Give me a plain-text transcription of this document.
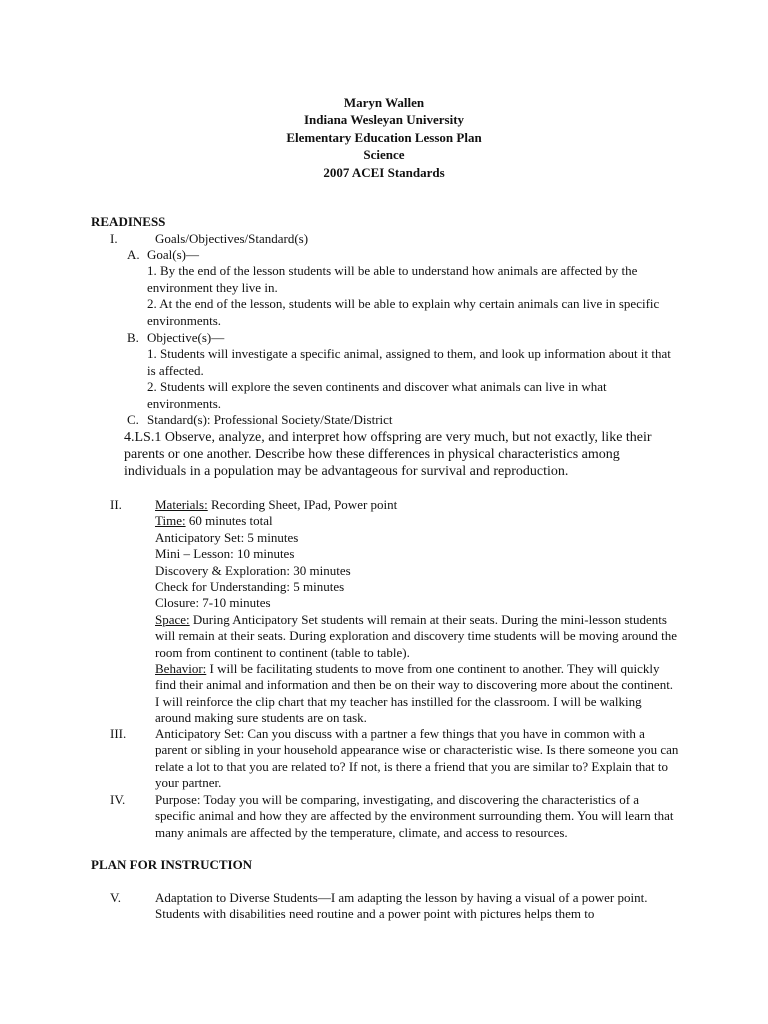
Maryn Wallen
Indiana Wesleyan University
Elementary Education Lesson Plan
Science
2007 ACEI Standards
READINESS
I.	Goals/Objectives/Standard(s)
A. Goal(s)—
1. By the end of the lesson students will be able to understand how animals are affected by the environment they live in.
2. At the end of the lesson, students will be able to explain why certain animals can live in specific environments.
B. Objective(s)—
1. Students will investigate a specific animal, assigned to them, and look up information about it that is affected.
2. Students will explore the seven continents and discover what animals can live in what environments.
C. Standard(s): Professional Society/State/District
4.LS.1 Observe, analyze, and interpret how offspring are very much, but not exactly, like their parents or one another. Describe how these differences in physical characteristics among individuals in a population may be advantageous for survival and reproduction.
II.	Materials: Recording Sheet, IPad, Power point
Time: 60 minutes total
Anticipatory Set: 5 minutes
Mini – Lesson: 10 minutes
Discovery & Exploration: 30 minutes
Check for Understanding: 5 minutes
Closure: 7-10 minutes
Space: During Anticipatory Set students will remain at their seats. During the mini-lesson students will remain at their seats. During exploration and discovery time students will be moving around the room from continent to continent (table to table).
Behavior: I will be facilitating students to move from one continent to another. They will quickly find their animal and information and then be on their way to discovering more about the continent. I will reinforce the clip chart that my teacher has instilled for the classroom. I will be walking around making sure students are on task.
III. Anticipatory Set: Can you discuss with a partner a few things that you have in common with a parent or sibling in your household appearance wise or characteristic wise. Is there someone you can relate a lot to that you are related to? If not, is there a friend that you are similar to? Explain that to your partner.
IV. Purpose: Today you will be comparing, investigating, and discovering the characteristics of a specific animal and how they are affected by the environment surrounding them. You will learn that many animals are affected by the temperature, climate, and access to resources.
PLAN FOR INSTRUCTION
V.	Adaptation to Diverse Students—I am adapting the lesson by having a visual of a power point. Students with disabilities need routine and a power point with pictures helps them to
